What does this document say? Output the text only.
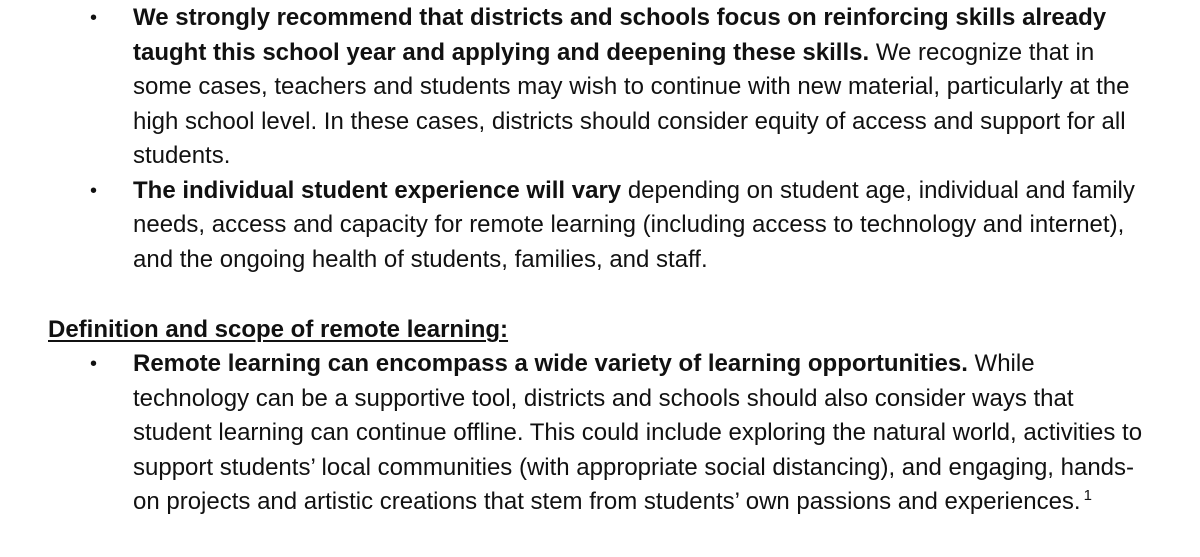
• We strongly recommend that districts and schools focus on reinforcing skills already taught this school year and applying and deepening these skills. We recognize that in some cases, teachers and students may wish to continue with new material, particularly at the high school level. In these cases, districts should consider equity of access and support for all students.
• The individual student experience will vary depending on student age, individual and family needs, access and capacity for remote learning (including access to technology and internet), and the ongoing health of students, families, and staff.
Definition and scope of remote learning:
• Remote learning can encompass a wide variety of learning opportunities. While technology can be a supportive tool, districts and schools should also consider ways that student learning can continue offline. This could include exploring the natural world, activities to support students’ local communities (with appropriate social distancing), and engaging, hands-on projects and artistic creations that stem from students’ own passions and experiences. $^1$
